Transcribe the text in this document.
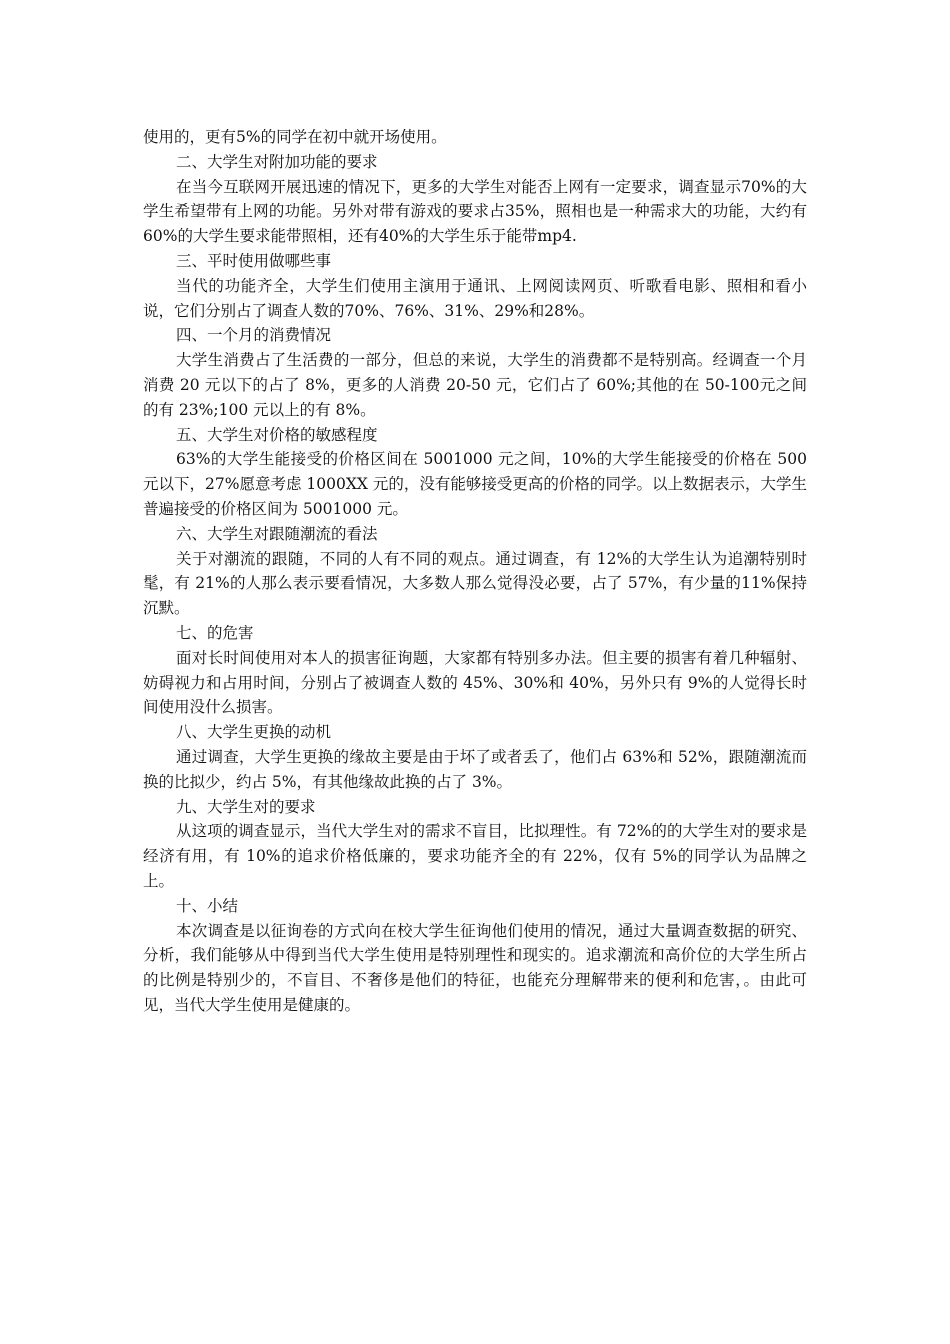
使用的，更有5%的同学在初中就开场使用。

二、大学生对附加功能的要求

在当今互联网开展迅速的情况下，更多的大学生对能否上网有一定要求，调查显示70%的大学生希望带有上网的功能。另外对带有游戏的要求占35%，照相也是一种需求大的功能，大约有60%的大学生要求能带照相，还有40%的大学生乐于能带mp4.

三、平时使用做哪些事

当代的功能齐全，大学生们使用主演用于通讯、上网阅读网页、听歌看电影、照相和看小说，它们分别占了调查人数的70%、76%、31%、29%和28%。

四、一个月的消费情况

大学生消费占了生活费的一部分，但总的来说，大学生的消费都不是特别高。经调查一个月消费 20 元以下的占了 8%，更多的人消费 20-50 元，它们占了 60%;其他的在 50-100元之间的有 23%;100 元以上的有 8%。

五、大学生对价格的敏感程度

63%的大学生能接受的价格区间在 5001000 元之间，10%的大学生能接受的价格在 500元以下，27%愿意考虑 1000XX 元的，没有能够接受更高的价格的同学。以上数据表示，大学生普遍接受的价格区间为 5001000 元。

六、大学生对跟随潮流的看法

关于对潮流的跟随，不同的人有不同的观点。通过调查，有 12%的大学生认为追潮特别时髦，有 21%的人那么表示要看情况，大多数人那么觉得没必要，占了 57%，有少量的11%保持沉默。

七、的危害

面对长时间使用对本人的损害征询题，大家都有特别多办法。但主要的损害有着几种辐射、妨碍视力和占用时间，分别占了被调查人数的 45%、30%和 40%，另外只有 9%的人觉得长时间使用没什么损害。

八、大学生更换的动机

通过调查，大学生更换的缘故主要是由于坏了或者丢了，他们占 63%和 52%，跟随潮流而换的比拟少，约占 5%，有其他缘故此换的占了 3%。

九、大学生对的要求

从这项的调查显示，当代大学生对的需求不盲目，比拟理性。有 72%的的大学生对的要求是经济有用，有 10%的追求价格低廉的，要求功能齐全的有 22%，仅有 5%的同学认为品牌之上。

十、小结

本次调查是以征询卷的方式向在校大学生征询他们使用的情况，通过大量调查数据的研究、分析，我们能够从中得到当代大学生使用是特别理性和现实的。追求潮流和高价位的大学生所占的比例是特别少的，不盲目、不奢侈是他们的特征，也能充分理解带来的便利和危害，。由此可见，当代大学生使用是健康的。
